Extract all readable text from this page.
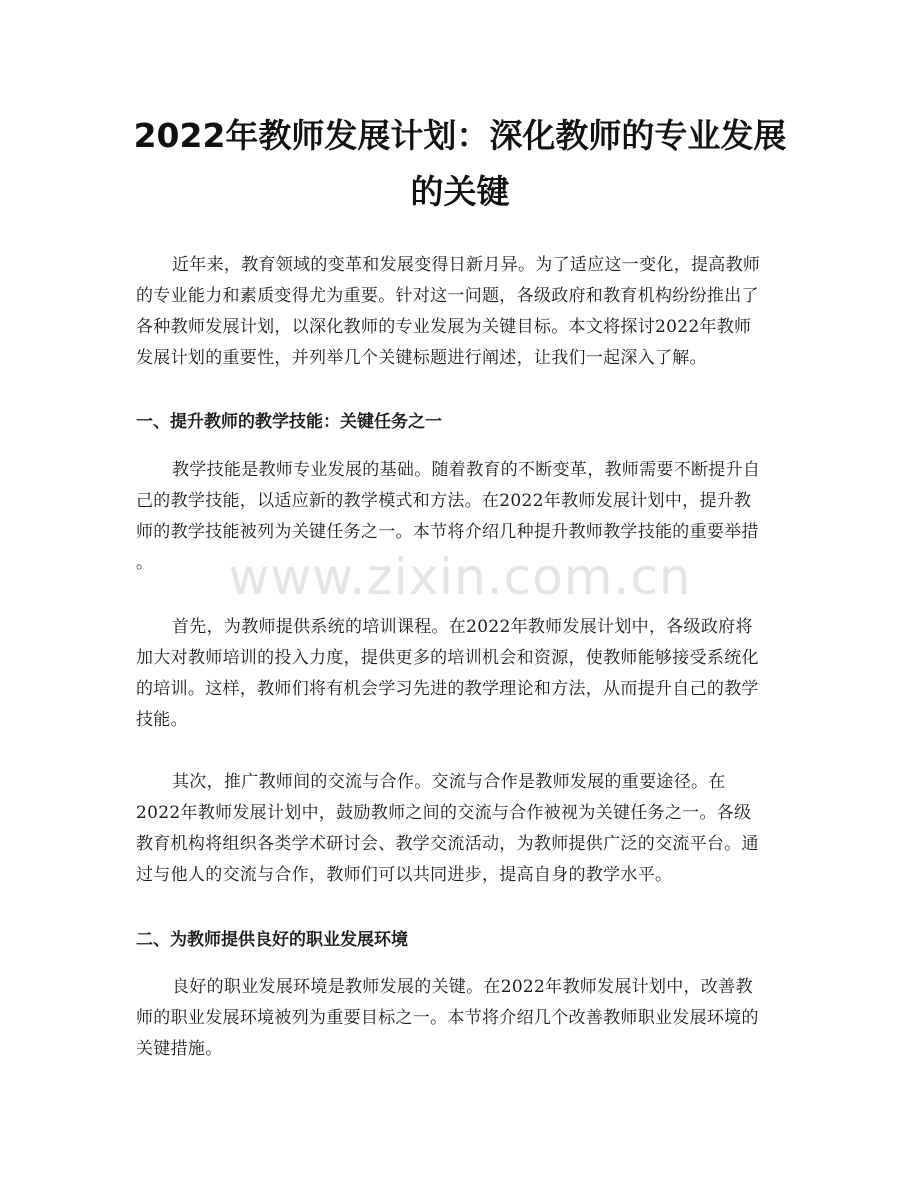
2022年教师发展计划：深化教师的专业发展
的关键

近年来，教育领域的变革和发展变得日新月异。为了适应这一变化，提高教师
的专业能力和素质变得尤为重要。针对这一问题，各级政府和教育机构纷纷推出了
各种教师发展计划，以深化教师的专业发展为关键目标。本文将探讨2022年教师
发展计划的重要性，并列举几个关键标题进行阐述，让我们一起深入了解。

一、提升教师的教学技能：关键任务之一

教学技能是教师专业发展的基础。随着教育的不断变革，教师需要不断提升自
己的教学技能，以适应新的教学模式和方法。在2022年教师发展计划中，提升教
师的教学技能被列为关键任务之一。本节将介绍几种提升教师教学技能的重要举措
。

首先，为教师提供系统的培训课程。在2022年教师发展计划中，各级政府将
加大对教师培训的投入力度，提供更多的培训机会和资源，使教师能够接受系统化
的培训。这样，教师们将有机会学习先进的教学理论和方法，从而提升自己的教学
技能。

其次，推广教师间的交流与合作。交流与合作是教师发展的重要途径。在
2022年教师发展计划中，鼓励教师之间的交流与合作被视为关键任务之一。各级
教育机构将组织各类学术研讨会、教学交流活动，为教师提供广泛的交流平台。通
过与他人的交流与合作，教师们可以共同进步，提高自身的教学水平。

二、为教师提供良好的职业发展环境

良好的职业发展环境是教师发展的关键。在2022年教师发展计划中，改善教
师的职业发展环境被列为重要目标之一。本节将介绍几个改善教师职业发展环境的
关键措施。

www.zixin.com.cn
